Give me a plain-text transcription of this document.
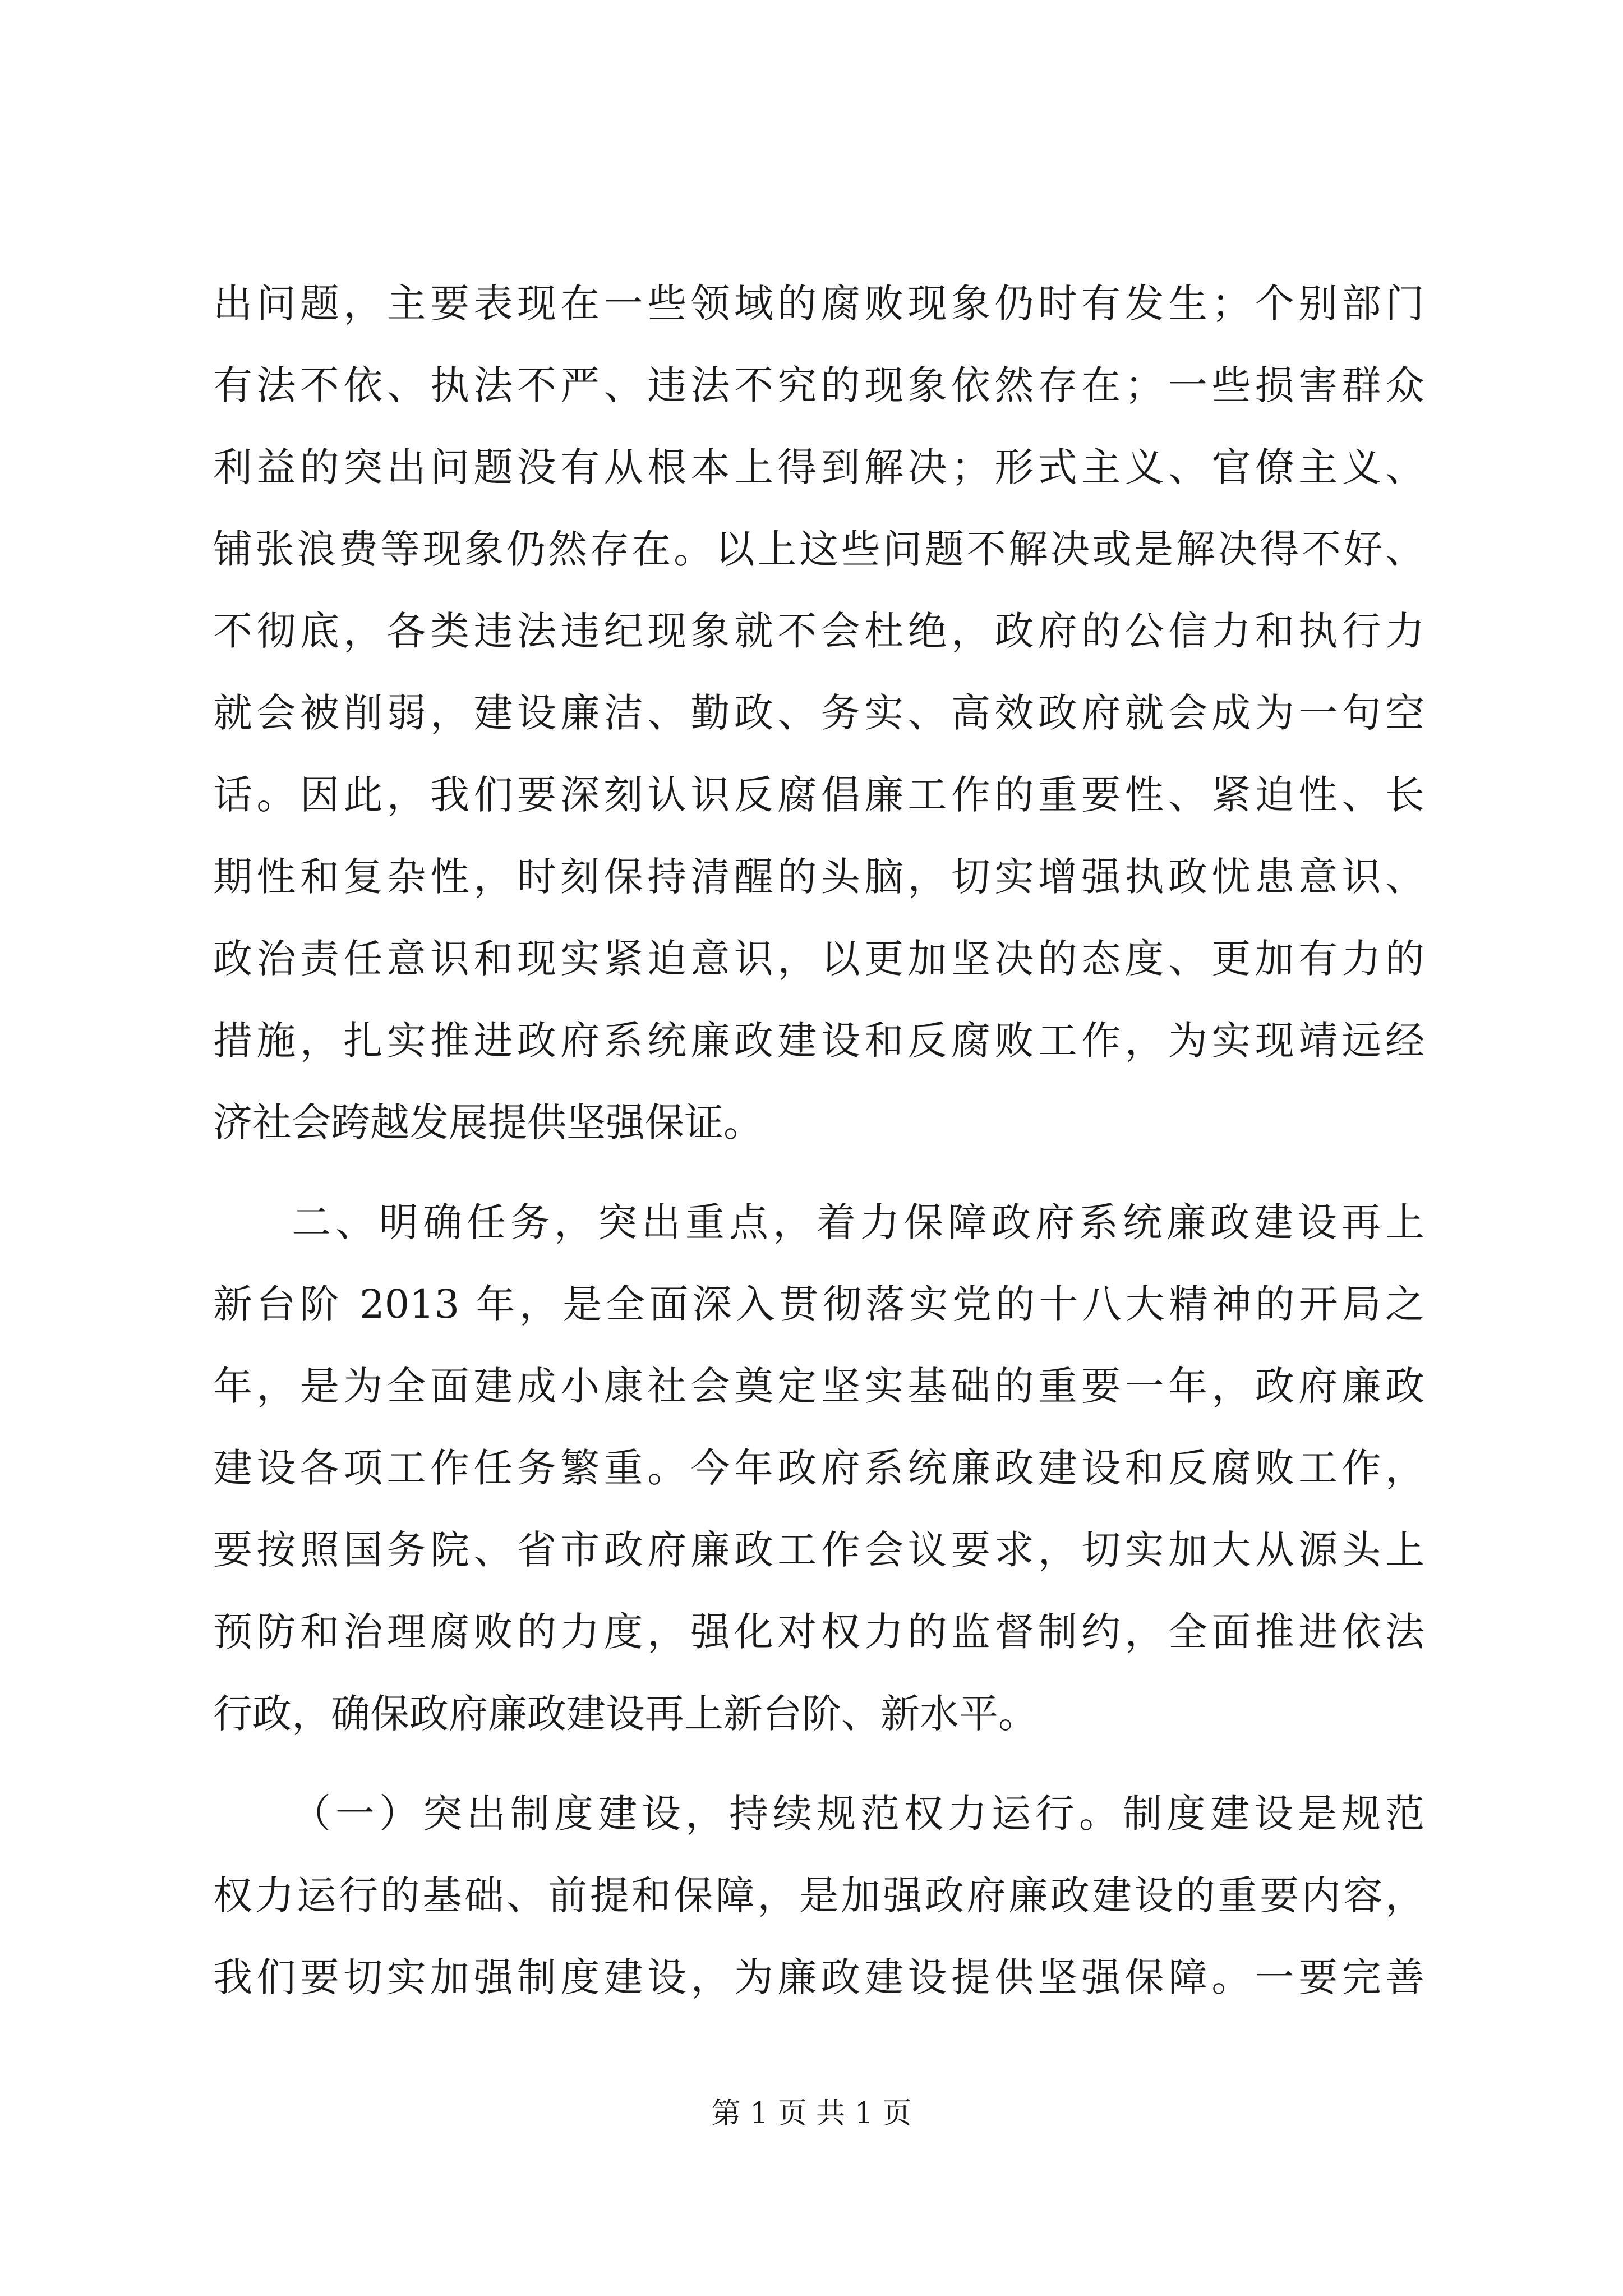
出问题，主要表现在一些领域的腐败现象仍时有发生；个别部门
有法不依、执法不严、违法不究的现象依然存在；一些损害群众
利益的突出问题没有从根本上得到解决；形式主义、官僚主义、
铺张浪费等现象仍然存在。以上这些问题不解决或是解决得不好、
不彻底，各类违法违纪现象就不会杜绝，政府的公信力和执行力
就会被削弱，建设廉洁、勤政、务实、高效政府就会成为一句空
话。因此，我们要深刻认识反腐倡廉工作的重要性、紧迫性、长
期性和复杂性，时刻保持清醒的头脑，切实增强执政忧患意识、
政治责任意识和现实紧迫意识，以更加坚决的态度、更加有力的
措施，扎实推进政府系统廉政建设和反腐败工作，为实现靖远经
济社会跨越发展提供坚强保证。
二、明确任务，突出重点，着力保障政府系统廉政建设再上
新台阶 2013 年，是全面深入贯彻落实党的十八大精神的开局之
年，是为全面建成小康社会奠定坚实基础的重要一年，政府廉政
建设各项工作任务繁重。今年政府系统廉政建设和反腐败工作，
要按照国务院、省市政府廉政工作会议要求，切实加大从源头上
预防和治理腐败的力度，强化对权力的监督制约，全面推进依法
行政，确保政府廉政建设再上新台阶、新水平。
（一）突出制度建设，持续规范权力运行。制度建设是规范
权力运行的基础、前提和保障，是加强政府廉政建设的重要内容，
我们要切实加强制度建设，为廉政建设提供坚强保障。一要完善
第 1 页 共 1 页
